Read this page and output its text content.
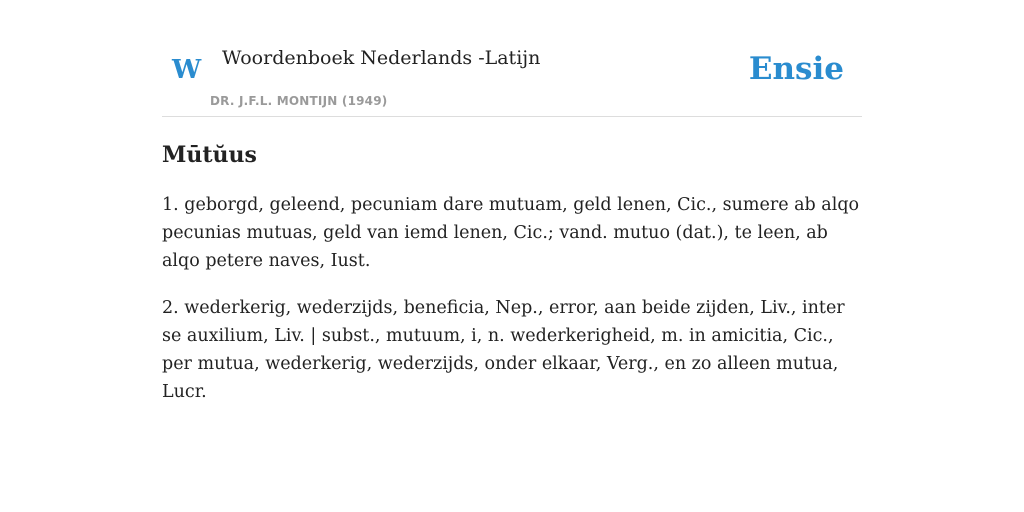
W Woordenboek Nederlands -Latijn
DR. J.F.L. MONTIJN (1949)
Ensie
Mūtŭus

1. geborgd, geleend, pecuniam dare mutuam, geld lenen, Cic., sumere ab alqo pecunias mutuas, geld van iemd lenen, Cic.; vand. mutuo (dat.), te leen, ab alqo petere naves, Iust.

2. wederkerig, wederzijds, beneficia, Nep., error, aan beide zijden, Liv., inter se auxilium, Liv. | subst., mutuum, i, n. wederkerigheid, m. in amicitia, Cic., per mutua, wederkerig, wederzijds, onder elkaar, Verg., en zo alleen mutua, Lucr.
